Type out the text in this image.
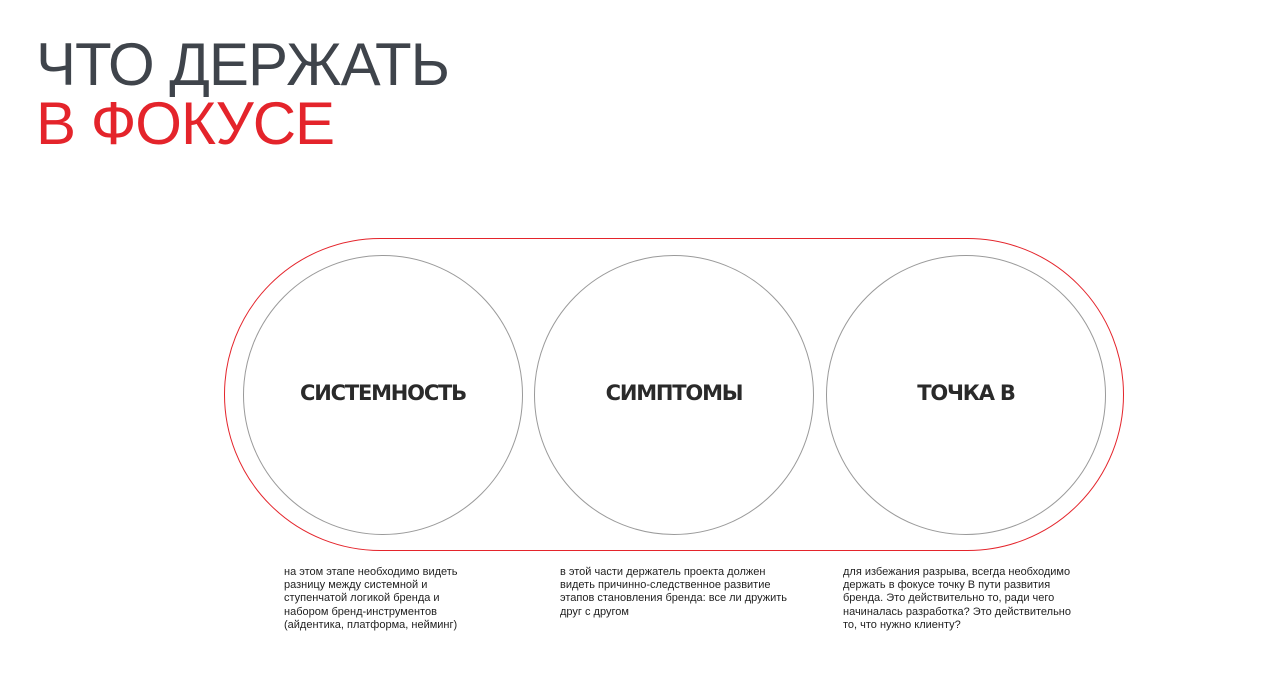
ЧТО ДЕРЖАТЬ
В ФОКУСЕ
СИСТЕМНОСТЬ	СИМПТОМЫ	ТОЧКА В

на этом этапе необходимо видеть
разницу между системной и
ступенчатой логикой бренда и
набором бренд-инструментов
(айдентика, платформа, нейминг)

в этой части держатель проекта должен
видеть причинно-следственное развитие
этапов становления бренда: все ли дружить
друг с другом

для избежания разрыва, всегда необходимо
держать в фокусе точку В пути развития
бренда. Это действительно то, ради чего
начиналась разработка? Это действительно
то, что нужно клиенту?
